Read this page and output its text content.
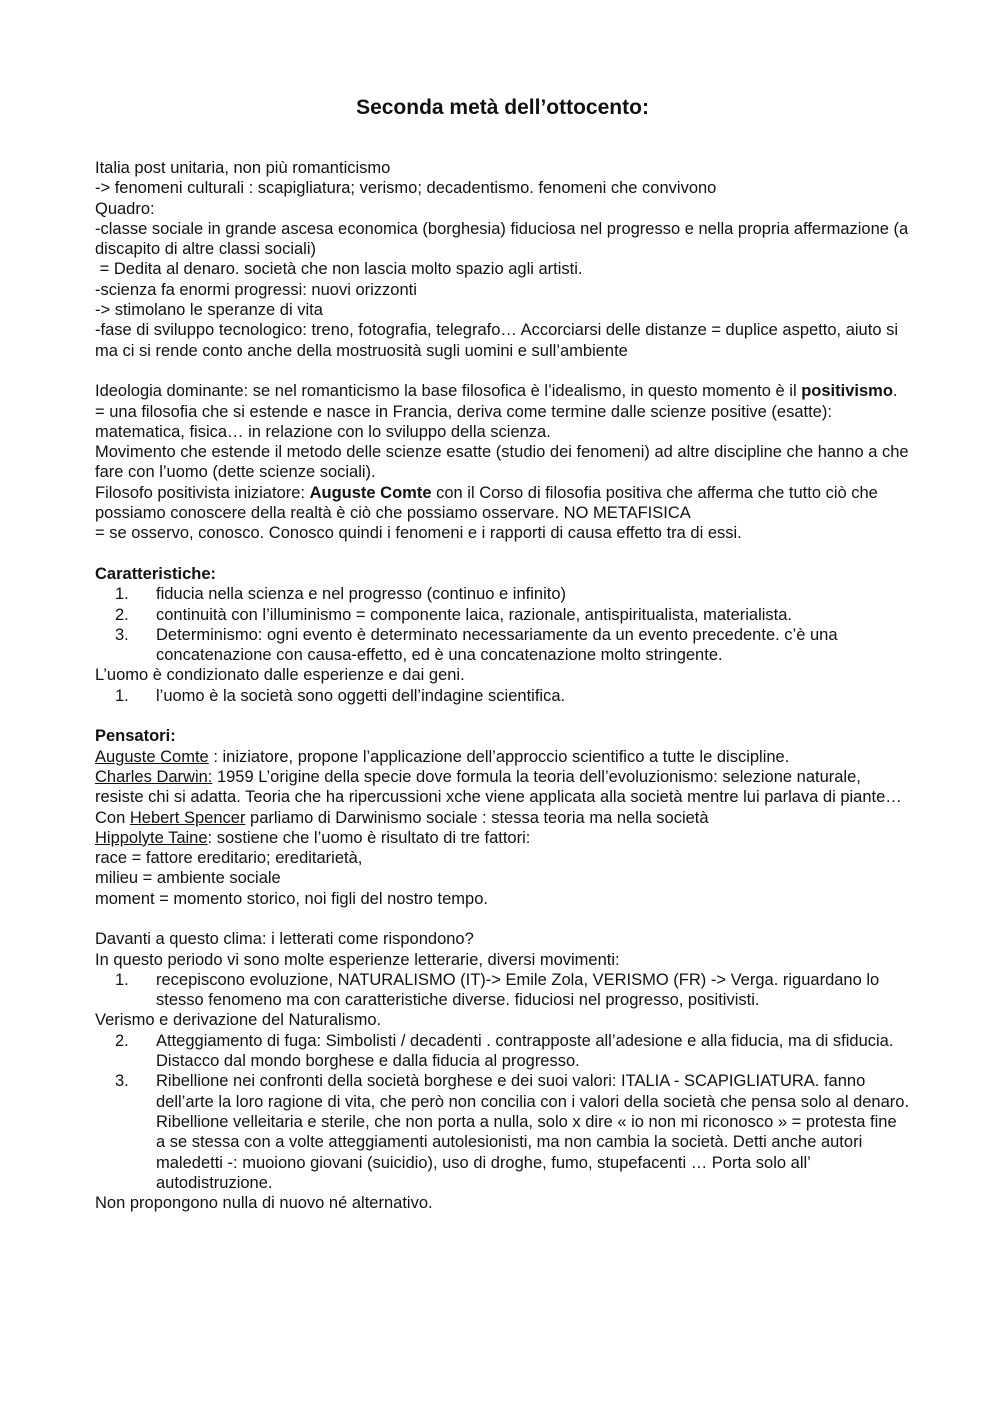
Seconda metà dell’ottocento:

Italia post unitaria, non più romanticismo

-> fenomeni culturali : scapigliatura; verismo; decadentismo. fenomeni che convivono

Quadro:

-classe sociale in grande ascesa economica (borghesia) fiduciosa nel progresso e nella propria affermazione (a discapito di altre classi sociali)

= Dedita al denaro. società che non lascia molto spazio agli artisti.

-scienza fa enormi progressi: nuovi orizzonti

-> stimolano le speranze di vita

-fase di sviluppo tecnologico: treno, fotografia, telegrafo… Accorciarsi delle distanze = duplice aspetto, aiuto si ma ci si rende conto anche della mostruosità sugli uomini e sull’ambiente

Ideologia dominante: se nel romanticismo la base filosofica è l’idealismo, in questo momento è il positivismo.

= una filosofia che si estende e nasce in Francia, deriva come termine dalle scienze positive (esatte): matematica, fisica… in relazione con lo sviluppo della scienza.

Movimento che estende il metodo delle scienze esatte (studio dei fenomeni) ad altre discipline che hanno a che fare con l’uomo (dette scienze sociali).

Filosofo positivista iniziatore: Auguste Comte con il Corso di filosofia positiva che afferma che tutto ciò che possiamo conoscere della realtà è ciò che possiamo osservare. NO METAFISICA

= se osservo, conosco. Conosco quindi i fenomeni e i rapporti di causa effetto tra di essi.

Caratteristiche:

1. fiducia nella scienza e nel progresso (continuo e infinito)
2. continuità con l’illuminismo = componente laica, razionale, antispiritualista, materialista.
3. Determinismo: ogni evento è determinato necessariamente da un evento precedente. c’è una concatenazione con causa-effetto, ed è una concatenazione molto stringente.

L’uomo è condizionato dalle esperienze e dai geni.

1. l’uomo è la società sono oggetti dell’indagine scientifica.

Pensatori:

Auguste Comte : iniziatore, propone l’applicazione dell’approccio scientifico a tutte le discipline.

Charles Darwin: 1959 L’origine della specie dove formula la teoria dell’evoluzionismo: selezione naturale, resiste chi si adatta. Teoria che ha ripercussioni xche viene applicata alla società mentre lui parlava di piante…

Con Hebert Spencer parliamo di Darwinismo sociale : stessa teoria ma nella società

Hippolyte Taine: sostiene che l’uomo è risultato di tre fattori:

race = fattore ereditario; ereditarietà,

milieu = ambiente sociale

moment = momento storico, noi figli del nostro tempo.

Davanti a questo clima: i letterati come rispondono?

In questo periodo vi sono molte esperienze letterarie, diversi movimenti:

1. recepiscono evoluzione, NATURALISMO (IT)-> Emile Zola, VERISMO (FR) -> Verga. riguardano lo stesso fenomeno ma con caratteristiche diverse. fiduciosi nel progresso, positivisti.

Verismo e derivazione del Naturalismo.

2. Atteggiamento di fuga: Simbolisti / decadenti . contrapposte all’adesione e alla fiducia, ma di sfiducia. Distacco dal mondo borghese e dalla fiducia al progresso.
3. Ribellione nei confronti della società borghese e dei suoi valori: ITALIA - SCAPIGLIATURA. fanno dell’arte la loro ragione di vita, che però non concilia con i valori della società che pensa solo al denaro. Ribellione velleitaria e sterile, che non porta a nulla, solo x dire « io non mi riconosco » = protesta fine a se stessa con a volte atteggiamenti autolesionisti, ma non cambia la società. Detti anche autori maledetti -: muoiono giovani (suicidio), uso di droghe, fumo, stupefacenti … Porta solo all’ autodistruzione.

Non propongono nulla di nuovo né alternativo.
